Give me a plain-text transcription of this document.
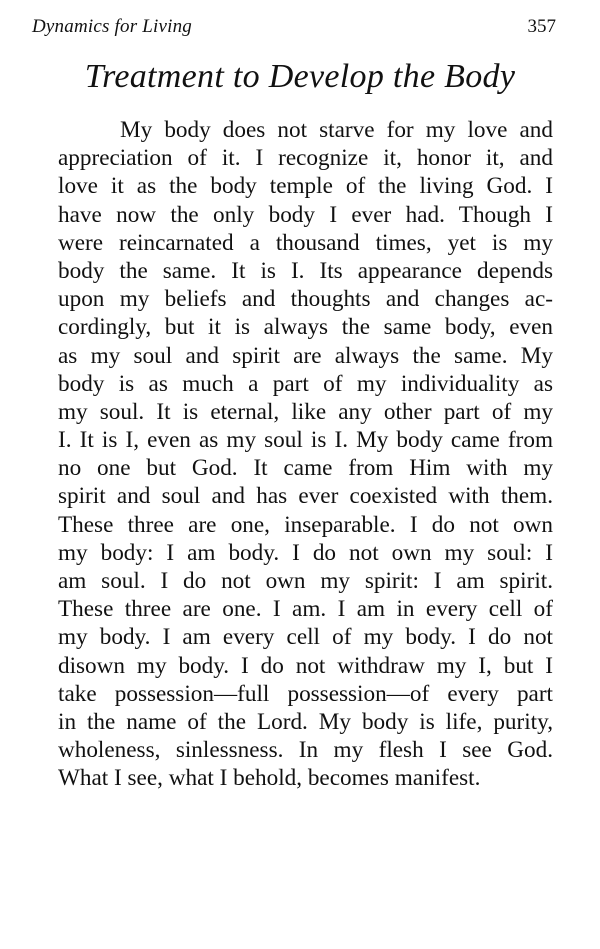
Dynamics for Living	357
Treatment to Develop the Body
My body does not starve for my love and
appreciation of it. I recognize it, honor it, and
love it as the body temple of the living God. I
have now the only body I ever had. Though I
were reincarnated a thousand times, yet is my
body the same. It is I. Its appearance depends
upon my beliefs and thoughts and changes ac-
cordingly, but it is always the same body, even
as my soul and spirit are always the same. My
body is as much a part of my individuality as
my soul. It is eternal, like any other part of my
I. It is I, even as my soul is I. My body came from
no one but God. It came from Him with my
spirit and soul and has ever coexisted with them.
These three are one, inseparable. I do not own
my body: I am body. I do not own my soul: I
am soul. I do not own my spirit: I am spirit.
These three are one. I am. I am in every cell of
my body. I am every cell of my body. I do not
disown my body. I do not withdraw my I, but I
take possession—full possession—of every part
in the name of the Lord. My body is life, purity,
wholeness, sinlessness. In my flesh I see God.
What I see, what I behold, becomes manifest.
